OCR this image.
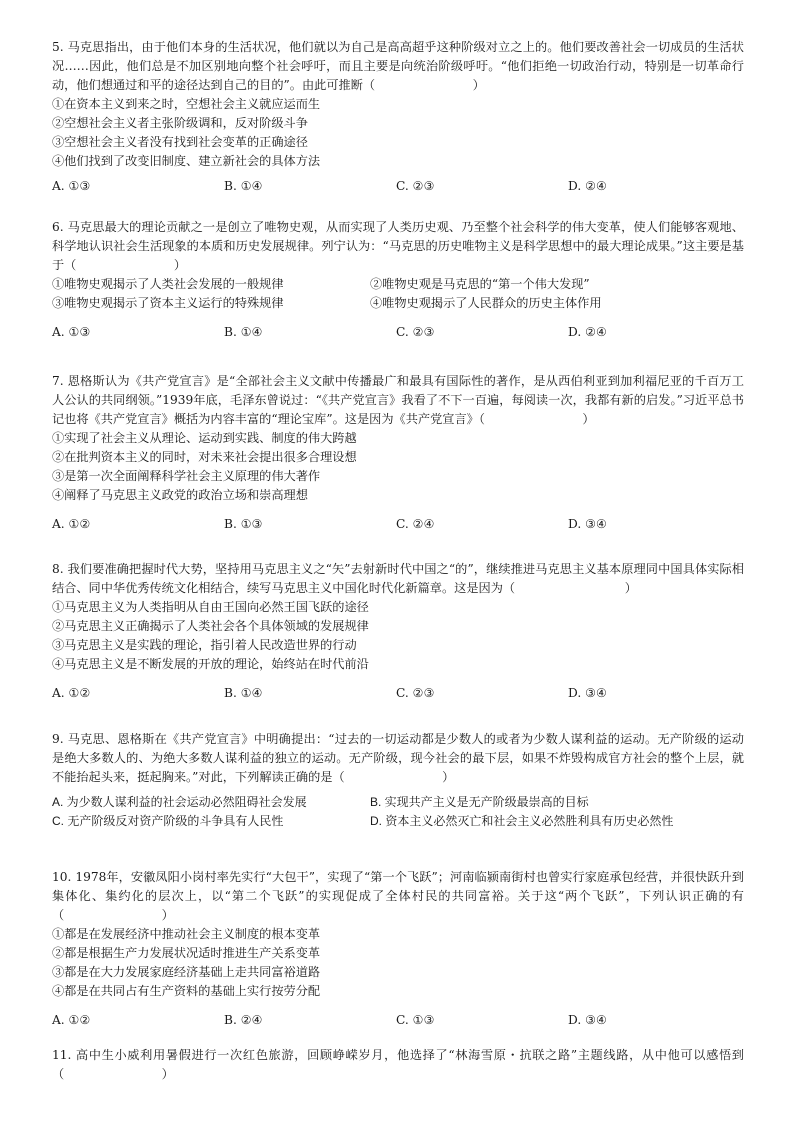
5. 马克思指出，由于他们本身的生活状况，他们就以为自己是高高超乎这种阶级对立之上的。他们要改善社会一切成员的生活状况……因此，他们总是不加区别地向整个社会呼吁，而且主要是向统治阶级呼吁。“他们拒绝一切政治行动，特别是一切革命行动，他们想通过和平的途径达到自己的目的”。由此可推断（　　　　　　　　）

①在资本主义到来之时，空想社会主义就应运而生

②空想社会主义者主张阶级调和，反对阶级斗争

③空想社会主义者没有找到社会变革的正确途径

④他们找到了改变旧制度、建立新社会的具体方法

A. ①③	B. ①④	C. ②③	D. ②④

6. 马克思最大的理论贡献之一是创立了唯物史观，从而实现了人类历史观、乃至整个社会科学的伟大变革，使人们能够客观地、科学地认识社会生活现象的本质和历史发展规律。列宁认为：“马克思的历史唯物主义是科学思想中的最大理论成果。”这主要是基于（　　　　　　　　）

①唯物史观揭示了人类社会发展的一般规律	②唯物史观是马克思的“第一个伟大发现”
③唯物史观揭示了资本主义运行的特殊规律	④唯物史观揭示了人民群众的历史主体作用
A. ①③	B. ①④	C. ②③	D. ②④

7. 恩格斯认为《共产党宣言》是“全部社会主义文献中传播最广和最具有国际性的著作，是从西伯利亚到加利福尼亚的千百万工人公认的共同纲领。”1939年底，毛泽东曾说过：“《共产党宣言》我看了不下一百遍，每阅读一次，我都有新的启发。”习近平总书记也将《共产党宣言》概括为内容丰富的“理论宝库”。这是因为《共产党宣言》（　　　　　　　　）

①实现了社会主义从理论、运动到实践、制度的伟大跨越

②在批判资本主义的同时，对未来社会提出很多合理设想

③是第一次全面阐释科学社会主义原理的伟大著作

④阐释了马克思主义政党的政治立场和崇高理想

A. ①②	B. ①③	C. ②④	D. ③④

8. 我们要准确把握时代大势，坚持用马克思主义之“矢”去射新时代中国之“的”，继续推进马克思主义基本原理同中国具体实际相结合、同中华优秀传统文化相结合，续写马克思主义中国化时代化新篇章。这是因为（　　　　　　　　　）

①马克思主义为人类指明从自由王国向必然王国飞跃的途径

②马克思主义正确揭示了人类社会各个具体领域的发展规律

③马克思主义是实践的理论，指引着人民改造世界的行动

④马克思主义是不断发展的开放的理论，始终站在时代前沿

A. ①②	B. ①④	C. ②③	D. ③④

9. 马克思、恩格斯在《共产党宣言》中明确提出：“过去的一切运动都是少数人的或者为少数人谋利益的运动。无产阶级的运动是绝大多数人的、为绝大多数人谋利益的独立的运动。无产阶级，现今社会的最下层，如果不炸毁构成官方社会的整个上层，就不能抬起头来，挺起胸来。”对此，下列解读正确的是（　　　　　　　　）

A. 为少数人谋利益的社会运动必然阻碍社会发展	B. 实现共产主义是无产阶级最崇高的目标
C. 无产阶级反对资产阶级的斗争具有人民性	D. 资本主义必然灭亡和社会主义必然胜利具有历史必然性

10. 1978年，安徽凤阳小岗村率先实行“大包干”，实现了“第一个飞跃”；河南临颍南街村也曾实行家庭承包经营，并很快跃升到集体化、集约化的层次上，以“第二个飞跃”的实现促成了全体村民的共同富裕。关于这“两个飞跃”，下列认识正确的有（　　　　　　　　）

①都是在发展经济中推动社会主义制度的根本变革

②都是根据生产力发展状况适时推进生产关系变革

③都是在大力发展家庭经济基础上走共同富裕道路

④都是在共同占有生产资料的基础上实行按劳分配

A. ①②	B. ②④	C. ①③	D. ③④

11. 高中生小威利用暑假进行一次红色旅游，回顾峥嵘岁月，他选择了“林海雪原・抗联之路”主题线路，从中他可以感悟到（　　　　　　　　）
